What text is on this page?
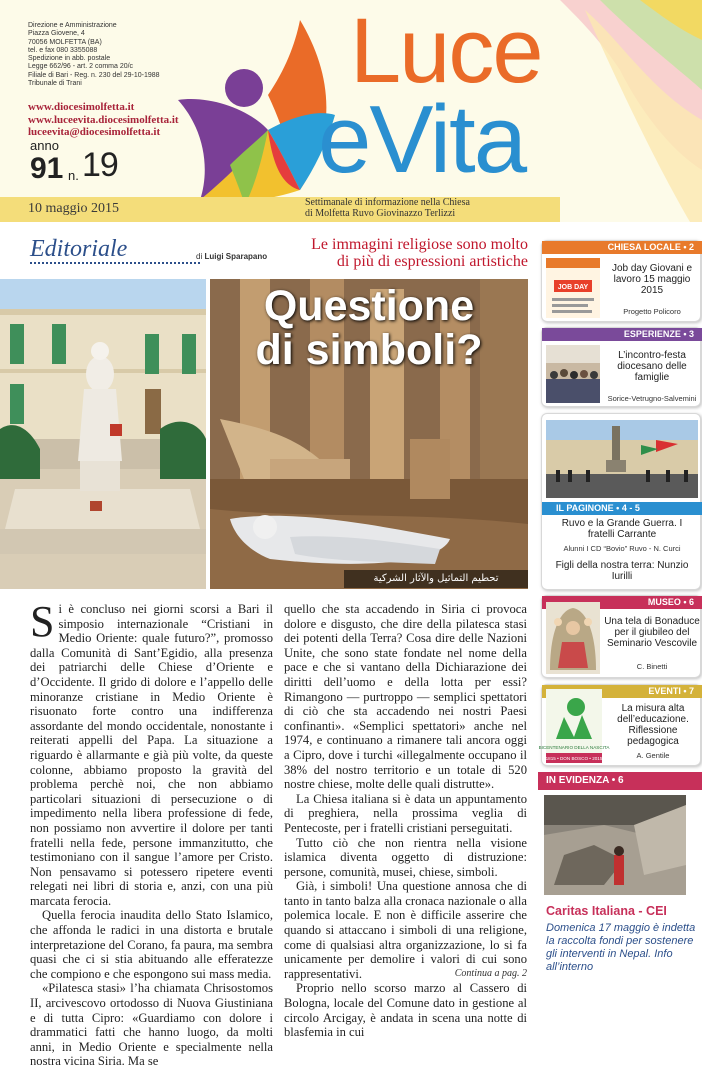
Direzione e Amministrazione
Piazza Giovene, 4
70056 MOLFETTA (BA)
tel. e fax 080 3355088
Spedizione in abb. postale
Legge 662/96 - art. 2 comma 20/c
Filiale di Bari - Reg. n. 230 del 29-10-1988
Tribunale di Trani
www.diocesimolfetta.it
www.luceevita.diocesimolfetta.it
luceevita@diocesimolfetta.it
anno
91 n. 19
10 maggio 2015
Luce
eVita
Settimanale di informazione nella Chiesa
di Molfetta Ruvo Giovinazzo Terlizzi
Editoriale	di Luigi Sparapano
Le immagini religiose sono molto
di più di espressioni artistiche
Questione
di simboli?
تحطيم التماثيل والآثار الشركية

Si è concluso nei giorni scorsi a Bari il simposio internazionale “Cristiani in Medio Oriente: quale futuro?”, promosso dalla Comunità di Sant’Egidio, alla presenza dei patriarchi delle Chiese d’Oriente e d’Occidente. Il grido di dolore e l’appello delle minoranze cristiane in Medio Oriente è risuonato forte contro una indifferenza assordante del mondo occidentale, nonostante i reiterati appelli del Papa. La situazione a riguardo è allarmante e già più volte, da queste colonne, abbiamo proposto la gravità del problema perchè noi, che non abbiamo particolari situazioni di persecuzione o di impedimento nella libera professione di fede, non possiamo non avvertire il dolore per tanti fratelli nella fede, persone immanzitutto, che testimoniano con il sangue l’amore per Cristo. Non pensavamo si potessero ripetere eventi relegati nei libri di storia e, anzi, con una più marcata ferocia.

Quella ferocia inaudita dello Stato Islamico, che affonda le radici in una distorta e brutale interpretazione del Corano, fa paura, ma sembra quasi che ci si stia abituando alle efferatezze che compiono e che espongono sui mass media.

«Pilatesca stasi» l’ha chiamata Chrisostomos II, arcivescovo ortodosso di Nuova Giustiniana e di tutta Cipro: «Guardiamo con dolore i drammatici fatti che hanno luogo, da molti anni, in Medio Oriente e specialmente nella nostra vicina Siria. Ma se

quello che sta accadendo in Siria ci provoca dolore e disgusto, che dire della pilatesca stasi dei potenti della Terra? Cosa dire delle Nazioni Unite, che sono state fondate nel nome della pace e che si vantano della Dichiarazione dei diritti dell’uomo e della lotta per essi? Rimangono — purtroppo — semplici spettatori di ciò che sta accadendo nei nostri Paesi confinanti». «Semplici spettatori» anche nel 1974, e continuano a rimanere tali ancora oggi a Cipro, dove i turchi «illegalmente occupano il 38% del nostro territorio e un totale di 520 nostre chiese, molte delle quali distrutte».

La Chiesa italiana si è data un appuntamento di preghiera, nella prossima veglia di Pentecoste, per i fratelli cristiani perseguitati.

Tutto ciò che non rientra nella visione islamica diventa oggetto di distruzione: persone, comunità, musei, chiese, simboli.

Già, i simboli! Una questione annosa che di tanto in tanto balza alla cronaca nazionale o alla polemica locale. E non è difficile asserire che quando si attaccano i simboli di una religione, come di qualsiasi altra organizzazione, lo si fa unicamente per demolire i valori di cui sono rappresentativi.

Proprio nello scorso marzo al Cassero di Bologna, locale del Comune dato in gestione al circolo Arcigay, è andata in scena una notte di blasfemia in cui

Continua a pag. 2
CHIESA LOCALE • 2
JOB DAY
Job day Giovani e lavoro 15 maggio 2015
Progetto Policoro
ESPERIENZE • 3
L’incontro-festa diocesano delle famiglie
Sorice-Vetrugno-Salvemini
IL PAGINONE • 4 - 5
Ruvo e la Grande Guerra. I fratelli Carrante
Alunni I CD “Bovio” Ruvo - N. Curci
Figli della nostra terra: Nunzio Iurilli
MUSEO • 6
Una tela di Bonaduce per il giubileo del Seminario Vescovile
C. Binetti
EVENTI • 7
BICENTENARIO DELLA NASCITA
1815 • DON BOSCO • 2015
La misura alta dell’educazione. Riflessione pedagogica
A. Gentile
IN EVIDENZA • 6
Caritas Italiana - CEI
Domenica 17 maggio è indetta la raccolta fondi per sostenere gli interventi in Nepal. Info all’interno
